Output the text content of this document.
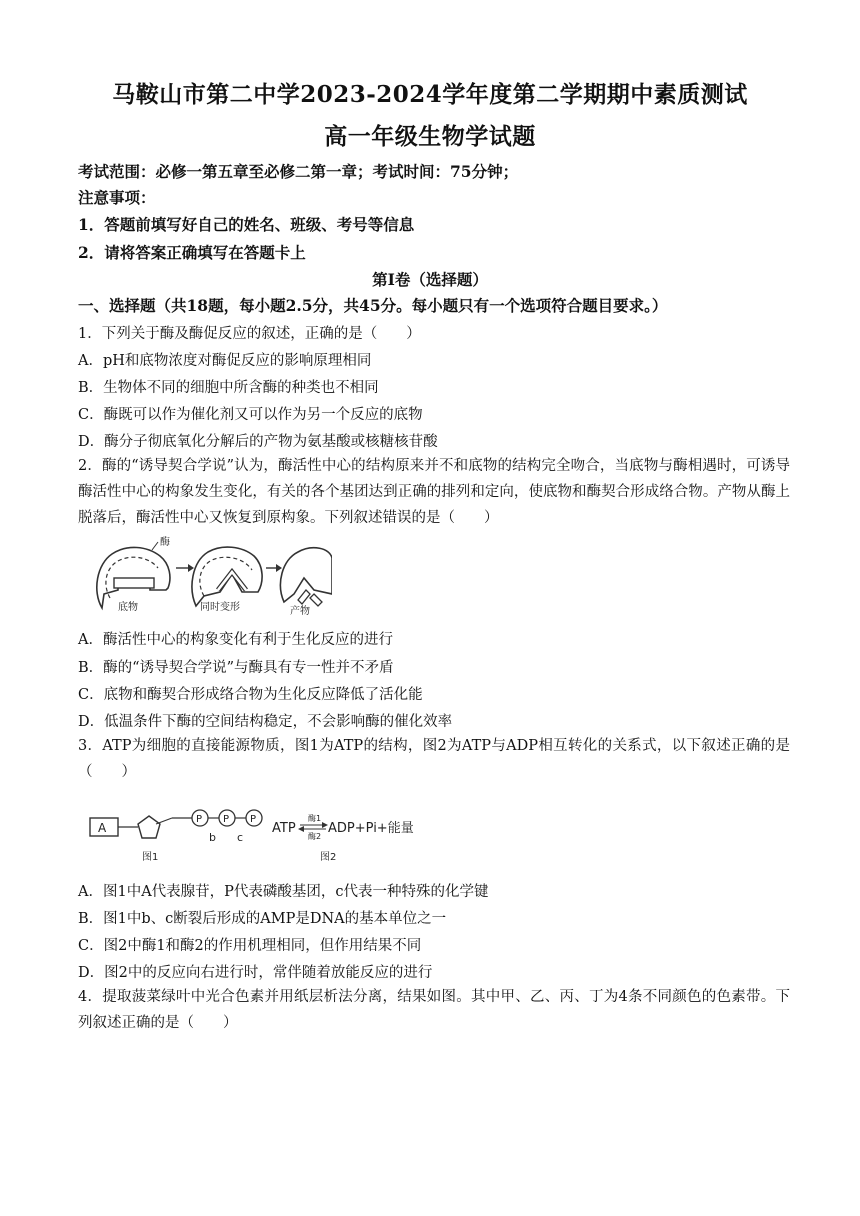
马鞍山市第二中学2023-2024学年度第二学期期中素质测试
高一年级生物学试题
考试范围：必修一第五章至必修二第一章；考试时间：75分钟；
注意事项：
1．答题前填写好自己的姓名、班级、考号等信息
2．请将答案正确填写在答题卡上
第I卷（选择题）
一、选择题（共18题，每小题2.5分，共45分。每小题只有一个选项符合题目要求。）
1．下列关于酶及酶促反应的叙述，正确的是（　　）
A．pH和底物浓度对酶促反应的影响原理相同
B．生物体不同的细胞中所含酶的种类也不相同
C．酶既可以作为催化剂又可以作为另一个反应的底物
D．酶分子彻底氧化分解后的产物为氨基酸或核糖核苷酸
2．酶的“诱导契合学说”认为，酶活性中心的结构原来并不和底物的结构完全吻合，当底物与酶相遇时，可诱导酶活性中心的构象发生变化，有关的各个基团达到正确的排列和定向，使底物和酶契合形成络合物。产物从酶上脱落后，酶活性中心又恢复到原构象。下列叙述错误的是（　　）
酶
底物	同时变形	产物
A．酶活性中心的构象变化有利于生化反应的进行
B．酶的“诱导契合学说”与酶具有专一性并不矛盾
C．底物和酶契合形成络合物为生化反应降低了活化能
D．低温条件下酶的空间结构稳定，不会影响酶的催化效率
3．ATP为细胞的直接能源物质，图1为ATP的结构，图2为ATP与ADP相互转化的关系式，以下叙述正确的是（　　）
A
P P P
b c
图1
ATP
酶1
酶2
ADP+Pi+能量
图2
A．图1中A代表腺苷，P代表磷酸基团，c代表一种特殊的化学键
B．图1中b、c断裂后形成的AMP是DNA的基本单位之一
C．图2中酶1和酶2的作用机理相同，但作用结果不同
D．图2中的反应向右进行时，常伴随着放能反应的进行
4．提取菠菜绿叶中光合色素并用纸层析法分离，结果如图。其中甲、乙、丙、丁为4条不同颜色的色素带。下列叙述正确的是（　　）
